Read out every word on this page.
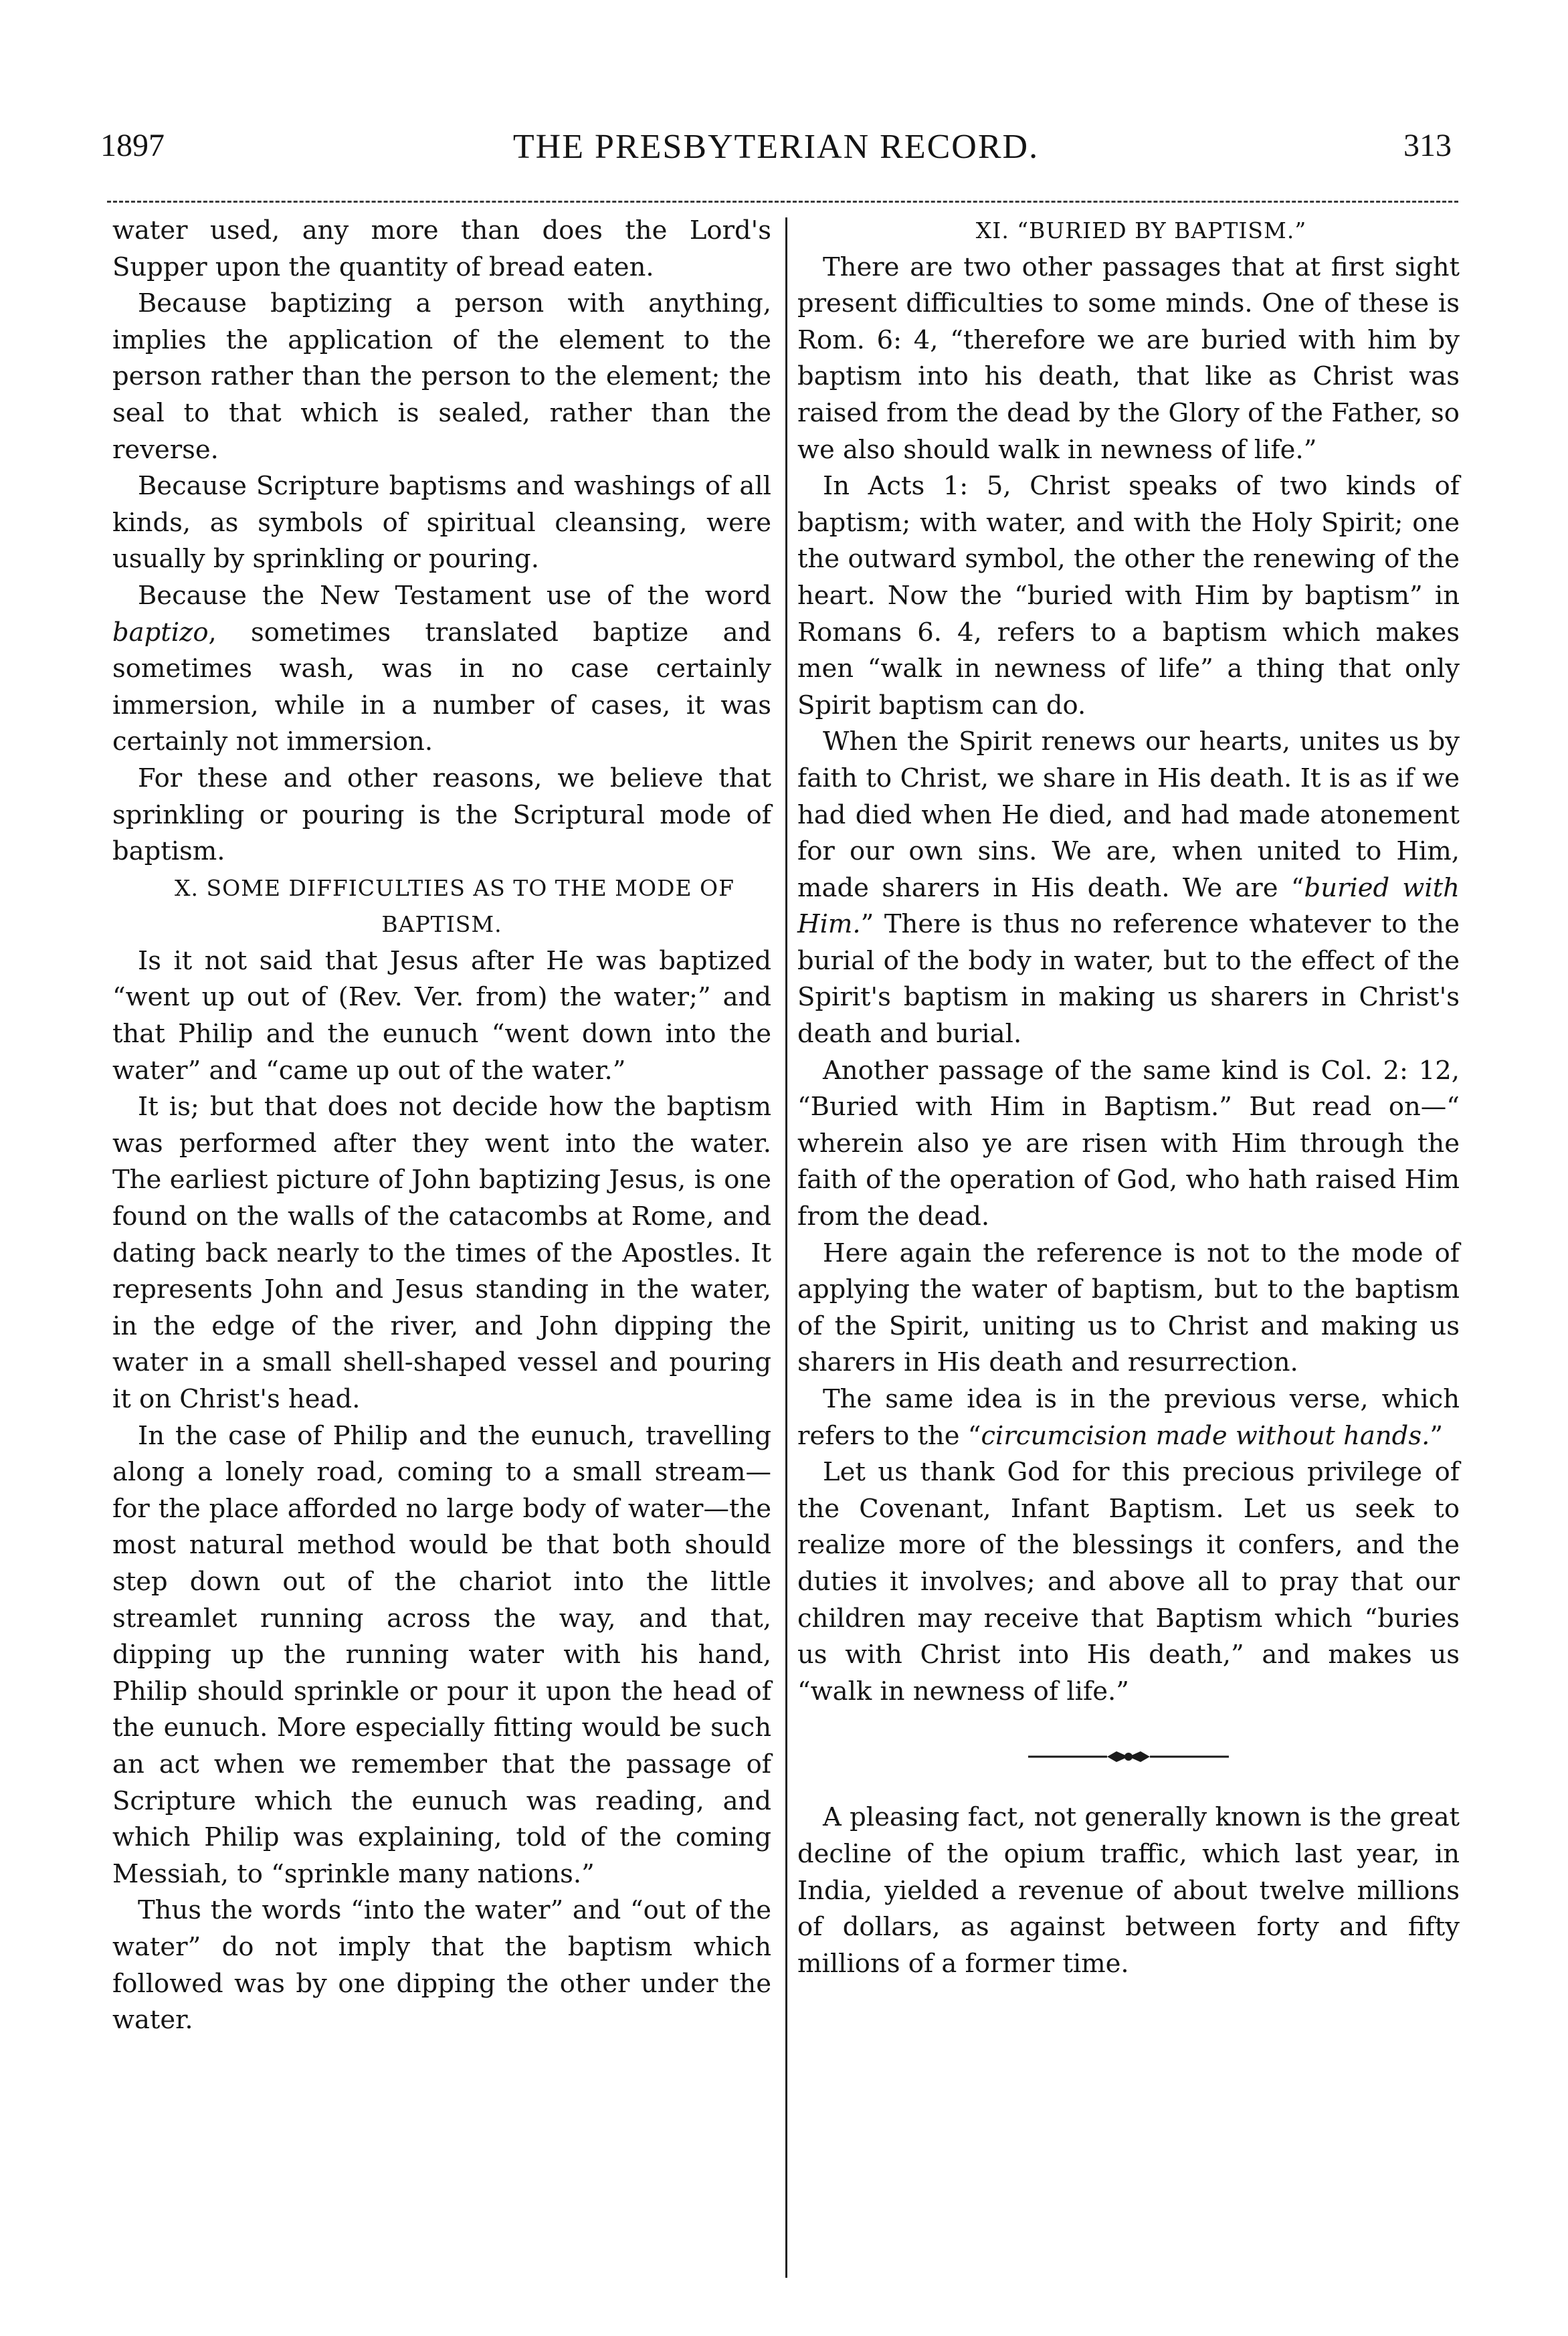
1897	THE PRESBYTERIAN RECORD.	313

water used, any more than does the Lord's Supper upon the quantity of bread eaten.

Because baptizing a person with anything, implies the application of the element to the person rather than the person to the element; the seal to that which is sealed, rather than the reverse.

Because Scripture baptisms and washings of all kinds, as symbols of spiritual cleansing, were usually by sprinkling or pouring.

Because the New Testament use of the word baptizo, sometimes translated baptize and sometimes wash, was in no case certainly immersion, while in a number of cases, it was certainly not immersion.

For these and other reasons, we believe that sprinkling or pouring is the Scriptural mode of baptism.

X. SOME DIFFICULTIES AS TO THE MODE OF BAPTISM.

Is it not said that Jesus after He was baptized “went up out of (Rev. Ver. from) the water;” and that Philip and the eunuch “went down into the water” and “came up out of the water.”

It is; but that does not decide how the baptism was performed after they went into the water. The earliest picture of John baptizing Jesus, is one found on the walls of the catacombs at Rome, and dating back nearly to the times of the Apostles. It represents John and Jesus standing in the water, in the edge of the river, and John dipping the water in a small shell-shaped vessel and pouring it on Christ's head.

In the case of Philip and the eunuch, travelling along a lonely road, coming to a small stream—for the place afforded no large body of water—the most natural method would be that both should step down out of the chariot into the little streamlet running across the way, and that, dipping up the running water with his hand, Philip should sprinkle or pour it upon the head of the eunuch. More especially fitting would be such an act when we remember that the passage of Scripture which the eunuch was reading, and which Philip was explaining, told of the coming Messiah, to “sprinkle many nations.”

Thus the words “into the water” and “out of the water” do not imply that the baptism which followed was by one dipping the other under the water.

XI. “BURIED BY BAPTISM.”

There are two other passages that at first sight present difficulties to some minds. One of these is Rom. 6: 4, “therefore we are buried with him by baptism into his death, that like as Christ was raised from the dead by the Glory of the Father, so we also should walk in newness of life.”

In Acts 1: 5, Christ speaks of two kinds of baptism; with water, and with the Holy Spirit; one the outward symbol, the other the renewing of the heart. Now the “buried with Him by baptism” in Romans 6. 4, refers to a baptism which makes men “walk in newness of life” a thing that only Spirit baptism can do.

When the Spirit renews our hearts, unites us by faith to Christ, we share in His death. It is as if we had died when He died, and had made atonement for our own sins. We are, when united to Him, made sharers in His death. We are “buried with Him.” There is thus no reference whatever to the burial of the body in water, but to the effect of the Spirit's baptism in making us sharers in Christ's death and burial.

Another passage of the same kind is Col. 2: 12, “Buried with Him in Baptism.” But read on—“ wherein also ye are risen with Him through the faith of the operation of God, who hath raised Him from the dead.

Here again the reference is not to the mode of applying the water of baptism, but to the baptism of the Spirit, uniting us to Christ and making us sharers in His death and resurrection.

The same idea is in the previous verse, which refers to the “circumcision made without hands.”

Let us thank God for this precious privilege of the Covenant, Infant Baptism. Let us seek to realize more of the blessings it confers, and the duties it involves; and above all to pray that our children may receive that Baptism which “buries us with Christ into His death,” and makes us “walk in newness of life.”

A pleasing fact, not generally known is the great decline of the opium traffic, which last year, in India, yielded a revenue of about twelve millions of dollars, as against between forty and fifty millions of a former time.
